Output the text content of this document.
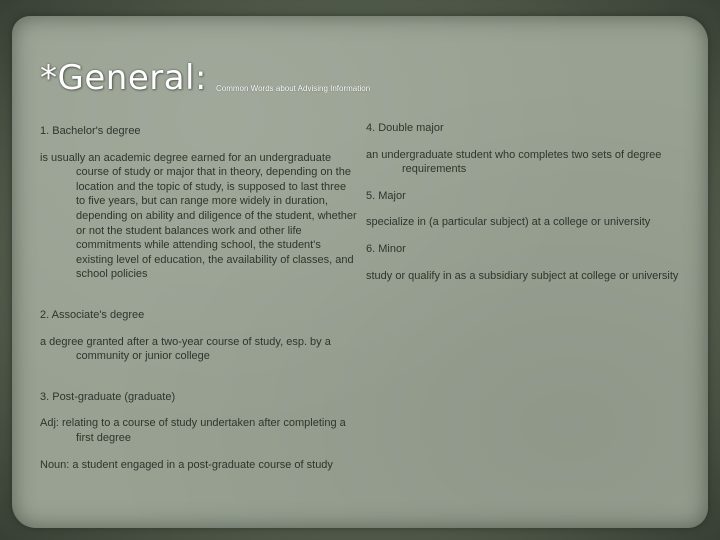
*General: Common Words about Advising Information

1. Bachelor's degree

is usually an academic degree earned for an undergraduate course of study or major that in theory, depending on the location and the topic of study, is supposed to last three to five years, but can range more widely in duration, depending on ability and diligence of the student, whether or not the student balances work and other life commitments while attending school, the student's existing level of education, the availability of classes, and school policies

2. Associate's degree

a degree granted after a two-year course of study, esp. by a community or junior college

3. Post-graduate (graduate)

Adj: relating to a course of study undertaken after completing a first degree

Noun: a student engaged in a post-graduate course of study

4. Double major

an undergraduate student who completes two sets of degree requirements

5. Major

specialize in (a particular subject) at a college or university

6. Minor

study or qualify in as a subsidiary subject at college or university
